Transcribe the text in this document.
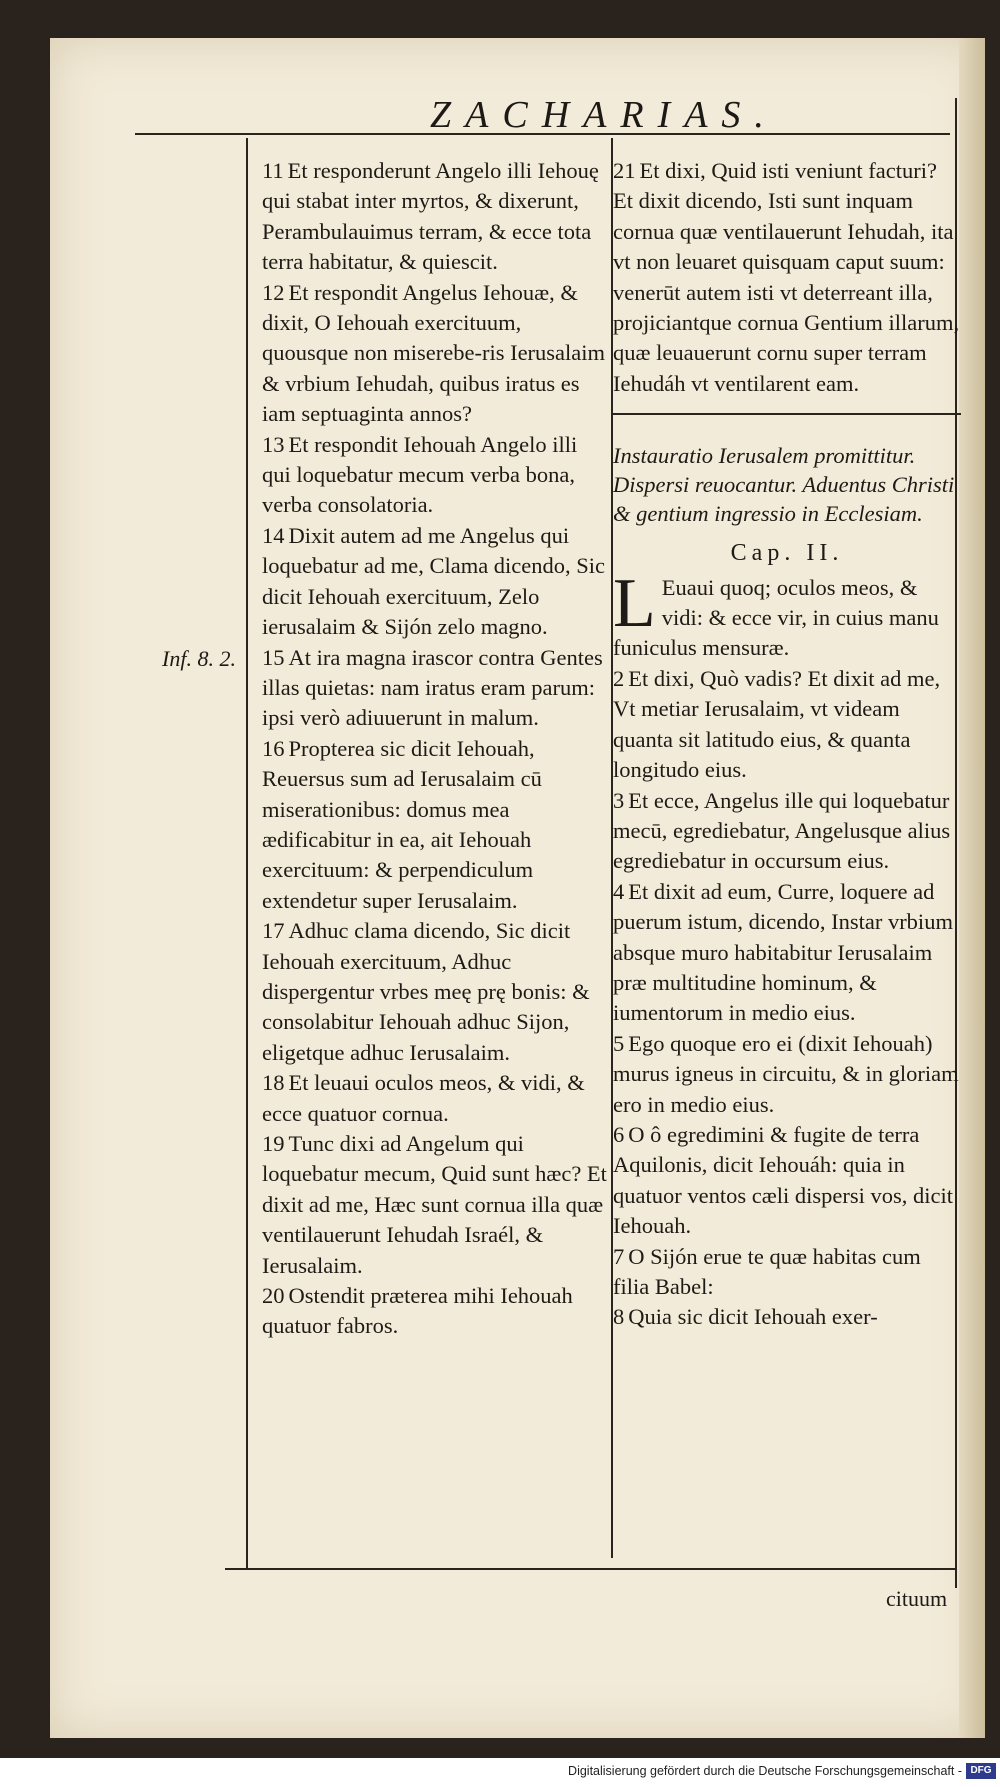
ZACHARIAS.
Inf. 8. 2.

11 Et responderunt Angelo illi Iehouę qui stabat inter myrtos, & dixerunt, Perambulauimus terram, & ecce tota terra habitatur, & quiescit.

12 Et respondit Angelus Iehouæ, & dixit, O Iehouah exercituum, quousque non miserebe-ris Ierusalaim & vrbium Iehudah, quibus iratus es iam septuaginta annos?

13 Et respondit Iehouah Angelo illi qui loquebatur mecum verba bona, verba consolatoria.

14 Dixit autem ad me Angelus qui loquebatur ad me, Clama dicendo, Sic dicit Iehouah exercituum, Zelo ierusalaim & Sijón zelo magno.

15 At ira magna irascor contra Gentes illas quietas: nam iratus eram parum: ipsi verò adiuuerunt in malum.

16 Propterea sic dicit Iehouah, Reuersus sum ad Ierusalaim cū miserationibus: domus mea ædificabitur in ea, ait Iehouah exercituum: & perpendiculum extendetur super Ierusalaim.

17 Adhuc clama dicendo, Sic dicit Iehouah exercituum, Adhuc dispergentur vrbes meę prę bonis: & consolabitur Iehouah adhuc Sijon, eligetque adhuc Ierusalaim.

18 Et leuaui oculos meos, & vidi, & ecce quatuor cornua.

19 Tunc dixi ad Angelum qui loquebatur mecum, Quid sunt hæc? Et dixit ad me, Hæc sunt cornua illa quæ ventilauerunt Iehudah Israél, & Ierusalaim.

20 Ostendit præterea mihi Iehouah quatuor fabros.

21 Et dixi, Quid isti veniunt facturi? Et dixit dicendo, Isti sunt inquam cornua quæ ventilauerunt Iehudah, ita vt non leuaret quisquam caput suum: venerūt autem isti vt deterreant illa, projiciantque cornua Gentium illarum, quæ leuauerunt cornu super terram Iehudáh vt ventilarent eam.

Instauratio Ierusalem promittitur. Dispersi reuocantur. Aduentus Christi & gentium ingressio in Ecclesiam.

Cap. II.

L Euaui quoq; oculos meos, & vidi: & ecce vir, in cuius manu funiculus mensuræ.

2 Et dixi, Quò vadis? Et dixit ad me, Vt metiar Ierusalaim, vt videam quanta sit latitudo eius, & quanta longitudo eius.

3 Et ecce, Angelus ille qui loquebatur mecū, egrediebatur, Angelusque alius egrediebatur in occursum eius.

4 Et dixit ad eum, Curre, loquere ad puerum istum, dicendo, Instar vrbium absque muro habitabitur Ierusalaim præ multitudine hominum, & iumentorum in medio eius.

5 Ego quoque ero ei (dixit Iehouah) murus igneus in circuitu, & in gloriam ero in medio eius.

6 O ô egredimini & fugite de terra Aquilonis, dicit Iehouáh: quia in quatuor ventos cæli dispersi vos, dicit Iehouah.

7 O Sijón erue te quæ habitas cum filia Babel:

8 Quia sic dicit Iehouah exer-

cituum
Digitalisierung gefördert durch die Deutsche Forschungsgemeinschaft - DFG
